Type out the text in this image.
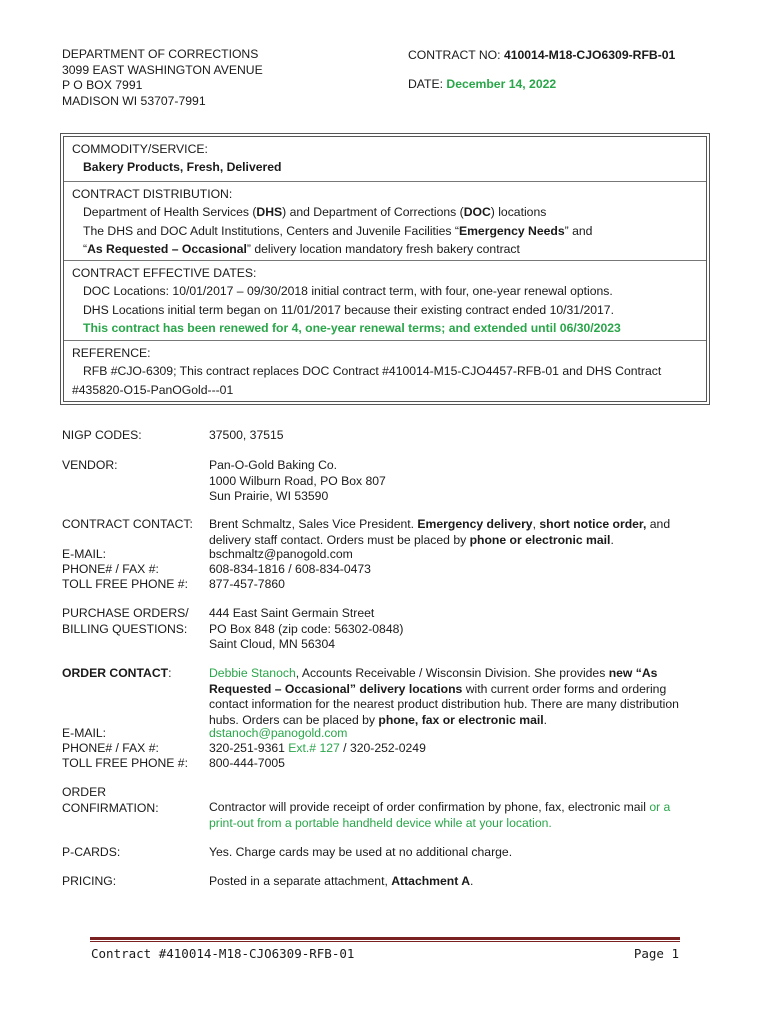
DEPARTMENT OF CORRECTIONS
3099 EAST WASHINGTON AVENUE
P O BOX 7991
MADISON WI 53707-7991
CONTRACT NO: 410014-M18-CJO6309-RFB-01
DATE: December 14, 2022
COMMODITY/SERVICE:
Bakery Products, Fresh, Delivered
CONTRACT DISTRIBUTION:
Department of Health Services (DHS) and Department of Corrections (DOC) locations
The DHS and DOC Adult Institutions, Centers and Juvenile Facilities “Emergency Needs” and
“As Requested – Occasional” delivery location mandatory fresh bakery contract
CONTRACT EFFECTIVE DATES:
DOC Locations: 10/01/2017 – 09/30/2018 initial contract term, with four, one-year renewal options.
DHS Locations initial term began on 11/01/2017 because their existing contract ended 10/31/2017.
This contract has been renewed for 4, one-year renewal terms; and extended until 06/30/2023
REFERENCE:
RFB #CJO-6309; This contract replaces DOC Contract #410014-M15-CJO4457-RFB-01 and DHS Contract
#435820-O15-PanOGold---01
NIGP CODES:	37500, 37515
VENDOR:	Pan-O-Gold Baking Co.
1000 Wilburn Road, PO Box 807
Sun Prairie, WI 53590
CONTRACT CONTACT:	Brent Schmaltz, Sales Vice President. Emergency delivery, short notice order, and
delivery staff contact. Orders must be placed by phone or electronic mail.
E-MAIL:	bschmaltz@panogold.com
PHONE# / FAX #:	608-834-1816 / 608-834-0473
TOLL FREE PHONE #:	877-457-7860
PURCHASE ORDERS/
BILLING QUESTIONS:
444 East Saint Germain Street
PO Box 848 (zip code: 56302-0848)
Saint Cloud, MN 56304
ORDER CONTACT:	Debbie Stanoch, Accounts Receivable / Wisconsin Division. She provides new “As
Requested – Occasional” delivery locations with current order forms and ordering
contact information for the nearest product distribution hub. There are many distribution
hubs. Orders can be placed by phone, fax or electronic mail.
E-MAIL:	dstanoch@panogold.com
PHONE# / FAX #:	320-251-9361 Ext.# 127 / 320-252-0249
TOLL FREE PHONE #:	800-444-7005
ORDER
CONFIRMATION:	Contractor will provide receipt of order confirmation by phone, fax, electronic mail or a
print-out from a portable handheld device while at your location.
P-CARDS:	Yes. Charge cards may be used at no additional charge.
PRICING:	Posted in a separate attachment, Attachment A.
Contract #410014-M18-CJO6309-RFB-01	Page 1
